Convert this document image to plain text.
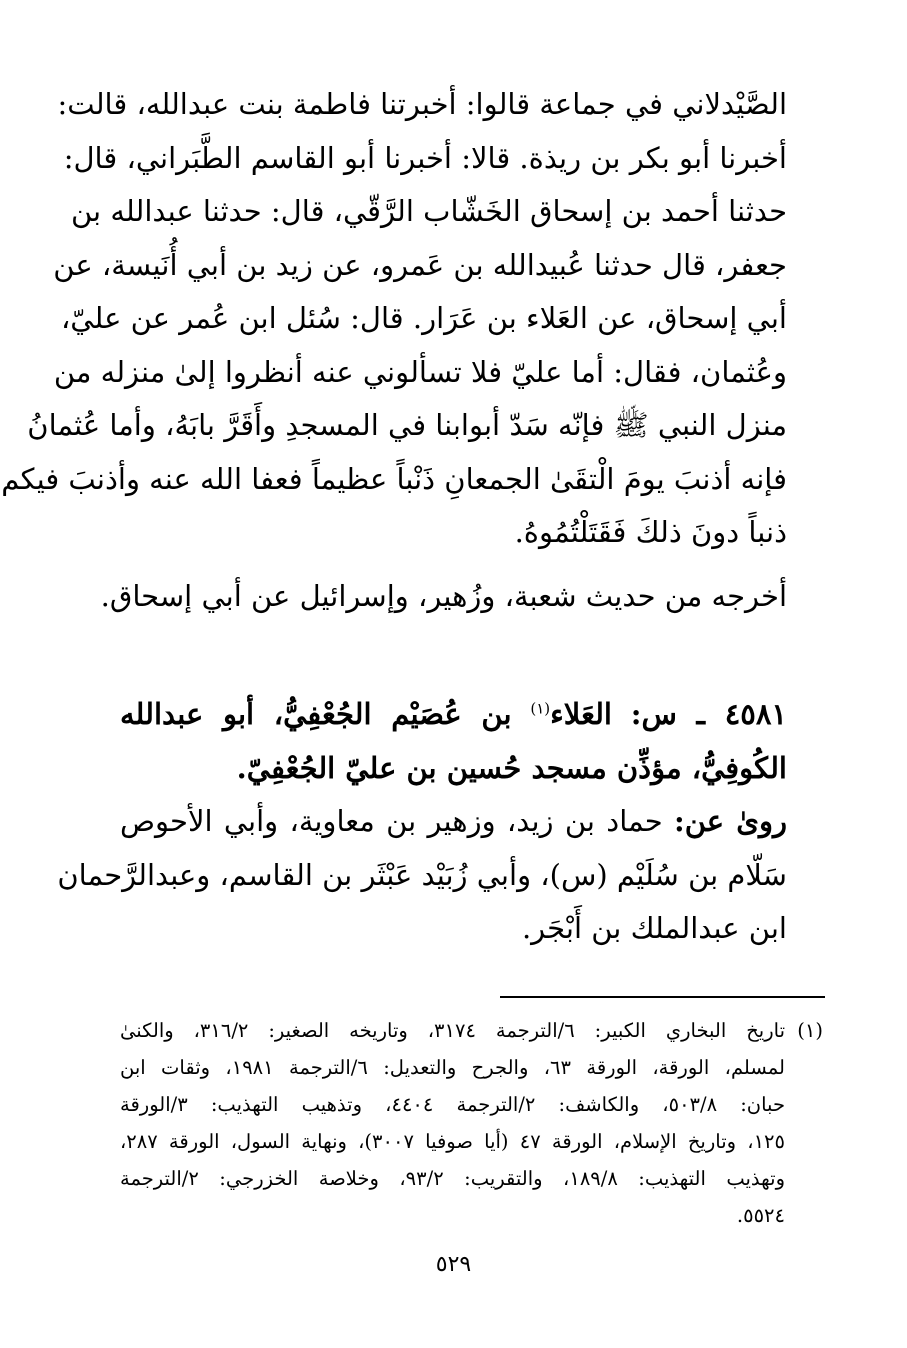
الصَّيْدلاني في جماعة قالوا: أخبرتنا فاطمة بنت عبدالله، قالت:
أخبرنا أبو بكر بن ريذة. قالا: أخبرنا أبو القاسم الطَّبَراني، قال:
حدثنا أحمد بن إسحاق الخَشّاب الرَّقّي، قال: حدثنا عبدالله بن
جعفر، قال حدثنا عُبيدالله بن عَمرو، عن زيد بن أبي أُنَيسة، عن
أبي إسحاق، عن العَلاء بن عَرَار. قال: سُئل ابن عُمر عن عليّ،
وعُثمان، فقال: أما عليّ فلا تسألوني عنه أنظروا إلىٰ منزله من
منزل النبي ﷺ فإنّه سَدّ أبوابنا في المسجدِ وأَقَرَّ بابَهُ، وأما عُثمانُ
فإنه أذنبَ يومَ الْتقَىٰ الجمعانِ ذَنْباً عظيماً فعفا الله عنه وأذنبَ فيكم
ذنباً دونَ ذلكَ فَقَتَلْتُمُوهُ.
أخرجه من حديث شعبة، وزُهير، وإسرائيل عن أبي إسحاق.
٤٥٨١ ـ س: العَلاء$^{(١)}$ بن عُصَيْم الجُعْفِيُّ، أبو عبدالله
الكُوفِيُّ، مؤذِّن مسجد حُسين بن عليّ الجُعْفِيّ.
روىٰ عن: حماد بن زيد، وزهير بن معاوية، وأبي الأحوص
سَلّام بن سُلَيْم (س)، وأبي زُبَيْد عَبْثَر بن القاسم، وعبدالرَّحمان
ابن عبدالملك بن أَبْجَر.
(١)
تاريخ البخاري الكبير: ٦/الترجمة ٣١٧٤، وتاريخه الصغير: ٣١٦/٢، والكنىٰ
لمسلم، الورقة، الورقة ٦٣، والجرح والتعديل: ٦/الترجمة ١٩٨١، وثقات ابن
حبان: ٥٠٣/٨، والكاشف: ٢/الترجمة ٤٤٠٤، وتذهيب التهذيب: ٣/الورقة
١٢٥، وتاريخ الإسلام، الورقة ٤٧ (أيا صوفيا ٣٠٠٧)، ونهاية السول، الورقة ٢٨٧،
وتهذيب التهذيب: ١٨٩/٨، والتقريب: ٩٣/٢، وخلاصة الخزرجي: ٢/الترجمة
٥٥٢٤.
٥٢٩
